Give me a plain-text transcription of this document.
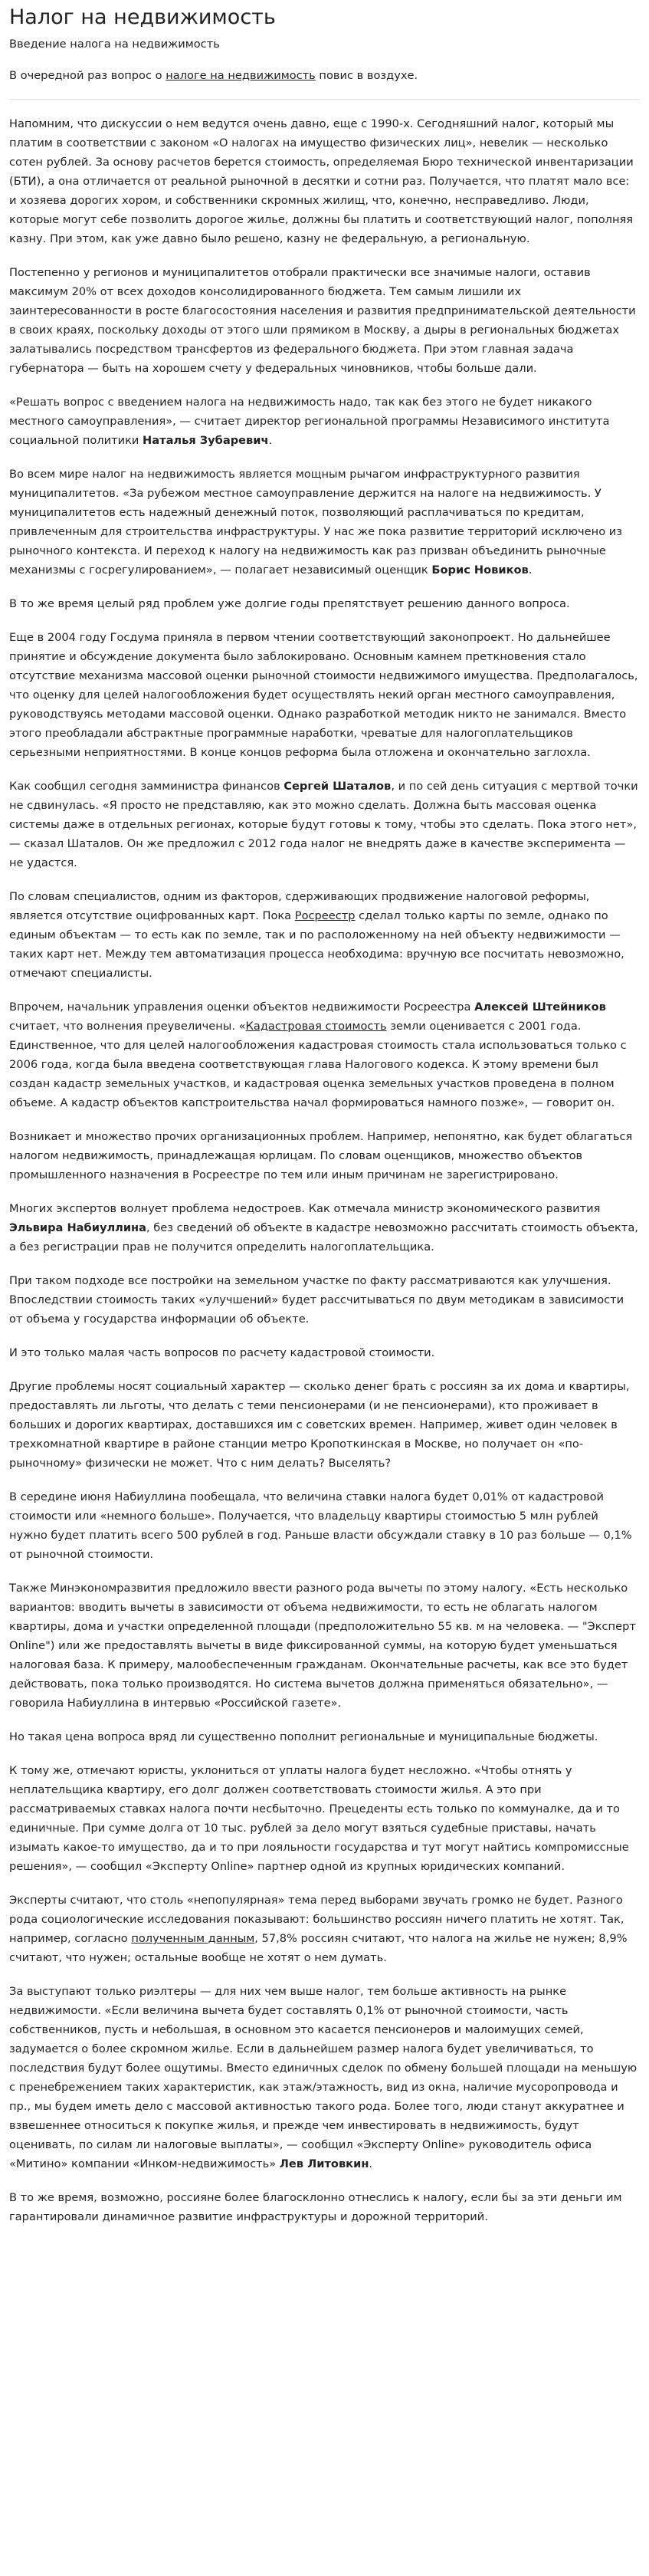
Налог на недвижимость
Введение налога на недвижимость

В очередной раз вопрос о налоге на недвижимость повис в воздухе.

Напомним, что дискуссии о нем ведутся очень давно, еще с 1990-х. Сегодняшний налог, который мы платим в соответствии с законом «О налогах на имущество физических лиц», невелик — несколько сотен рублей. За основу расчетов берется стоимость, определяемая Бюро технической инвентаризации (БТИ), а она отличается от реальной рыночной в десятки и сотни раз. Получается, что платят мало все: и хозяева дорогих хором, и собственники скромных жилищ, что, конечно, несправедливо. Люди, которые могут себе позволить дорогое жилье, должны бы платить и соответствующий налог, пополняя казну. При этом, как уже давно было решено, казну не федеральную, а региональную.

Постепенно у регионов и муниципалитетов отобрали практически все значимые налоги, оставив максимум 20% от всех доходов консолидированного бюджета. Тем самым лишили их заинтересованности в росте благосостояния населения и развития предпринимательской деятельности в своих краях, поскольку доходы от этого шли прямиком в Москву, а дыры в региональных бюджетах залатывались посредством трансфертов из федерального бюджета. При этом главная задача губернатора — быть на хорошем счету у федеральных чиновников, чтобы больше дали.

«Решать вопрос с введением налога на недвижимость надо, так как без этого не будет никакого местного самоуправления», — считает директор региональной программы Независимого института социальной политики Наталья Зубаревич.

Во всем мире налог на недвижимость является мощным рычагом инфраструктурного развития муниципалитетов. «За рубежом местное самоуправление держится на налоге на недвижимость. У муниципалитетов есть надежный денежный поток, позволяющий расплачиваться по кредитам, привлеченным для строительства инфраструктуры. У нас же пока развитие территорий исключено из рыночного контекста. И переход к налогу на недвижимость как раз призван объединить рыночные механизмы с госрегулированием», — полагает независимый оценщик Борис Новиков.

В то же время целый ряд проблем уже долгие годы препятствует решению данного вопроса.

Еще в 2004 году Госдума приняла в первом чтении соответствующий законопроект. Но дальнейшее принятие и обсуждение документа было заблокировано. Основным камнем преткновения стало отсутствие механизма массовой оценки рыночной стоимости недвижимого имущества. Предполагалось, что оценку для целей налогообложения будет осуществлять некий орган местного самоуправления, руководствуясь методами массовой оценки. Однако разработкой методик никто не занимался. Вместо этого преобладали абстрактные программные наработки, чреватые для налогоплательщиков серьезными неприятностями. В конце концов реформа была отложена и окончательно заглохла.

Как сообщил сегодня замминистра финансов Сергей Шаталов, и по сей день ситуация с мертвой точки не сдвинулась. «Я просто не представляю, как это можно сделать. Должна быть массовая оценка системы даже в отдельных регионах, которые будут готовы к тому, чтобы это сделать. Пока этого нет», — сказал Шаталов. Он же предложил с 2012 года налог не внедрять даже в качестве эксперимента — не удастся.

По словам специалистов, одним из факторов, сдерживающих продвижение налоговой реформы, является отсутствие оцифрованных карт. Пока Росреестр сделал только карты по земле, однако по единым объектам — то есть как по земле, так и по расположенному на ней объекту недвижимости — таких карт нет. Между тем автоматизация процесса необходима: вручную все посчитать невозможно, отмечают специалисты.

Впрочем, начальник управления оценки объектов недвижимости Росреестра Алексей Штейников считает, что волнения преувеличены. «Кадастровая стоимость земли оценивается с 2001 года. Единственное, что для целей налогообложения кадастровая стоимость стала использоваться только с 2006 года, когда была введена соответствующая глава Налогового кодекса. К этому времени был создан кадастр земельных участков, и кадастровая оценка земельных участков проведена в полном объеме. А кадастр объектов капстроительства начал формироваться намного позже», — говорит он.

Возникает и множество прочих организационных проблем. Например, непонятно, как будет облагаться налогом недвижимость, принадлежащая юрлицам. По словам оценщиков, множество объектов промышленного назначения в Росреестре по тем или иным причинам не зарегистрировано.

Многих экспертов волнует проблема недостроев. Как отмечала министр экономического развития Эльвира Набиуллина, без сведений об объекте в кадастре невозможно рассчитать стоимость объекта, а без регистрации прав не получится определить налогоплательщика.

При таком подходе все постройки на земельном участке по факту рассматриваются как улучшения. Впоследствии стоимость таких «улучшений» будет рассчитываться по двум методикам в зависимости от объема у государства информации об объекте.

И это только малая часть вопросов по расчету кадастровой стоимости.

Другие проблемы носят социальный характер — сколько денег брать с россиян за их дома и квартиры, предоставлять ли льготы, что делать с теми пенсионерами (и не пенсионерами), кто проживает в больших и дорогих квартирах, доставшихся им с советских времен. Например, живет один человек в трехкомнатной квартире в районе станции метро Кропоткинская в Москве, но получает он «по-рыночному» физически не может. Что с ним делать? Выселять?

В середине июня Набиуллина пообещала, что величина ставки налога будет 0,01% от кадастровой стоимости или «немного больше». Получается, что владельцу квартиры стоимостью 5 млн рублей нужно будет платить всего 500 рублей в год. Раньше власти обсуждали ставку в 10 раз больше — 0,1% от рыночной стоимости.

Также Минэкономразвития предложило ввести разного рода вычеты по этому налогу. «Есть несколько вариантов: вводить вычеты в зависимости от объема недвижимости, то есть не облагать налогом квартиры, дома и участки определенной площади (предположительно 55 кв. м на человека. — "Эксперт Online") или же предоставлять вычеты в виде фиксированной суммы, на которую будет уменьшаться налоговая база. К примеру, малообеспеченным гражданам. Окончательные расчеты, как все это будет действовать, пока только производятся. Но система вычетов должна применяться обязательно», — говорила Набиуллина в интервью «Российской газете».

Но такая цена вопроса вряд ли существенно пополнит региональные и муниципальные бюджеты.

К тому же, отмечают юристы, уклониться от уплаты налога будет несложно. «Чтобы отнять у неплательщика квартиру, его долг должен соответствовать стоимости жилья. А это при рассматриваемых ставках налога почти несбыточно. Прецеденты есть только по коммуналке, да и то единичные. При сумме долга от 10 тыс. рублей за дело могут взяться судебные приставы, начать изымать какое-то имущество, да и то при лояльности государства и тут могут найтись компромиссные решения», — сообщил «Эксперту Online» партнер одной из крупных юридических компаний.

Эксперты считают, что столь «непопулярная» тема перед выборами звучать громко не будет. Разного рода социологические исследования показывают: большинство россиян ничего платить не хотят. Так, например, согласно полученным данным, 57,8% россиян считают, что налога на жилье не нужен; 8,9% считают, что нужен; остальные вообще не хотят о нем думать.

За выступают только риэлтеры — для них чем выше налог, тем больше активность на рынке недвижимости. «Если величина вычета будет составлять 0,1% от рыночной стоимости, часть собственников, пусть и небольшая, в основном это касается пенсионеров и малоимущих семей, задумается о более скромном жилье. Если в дальнейшем размер налога будет увеличиваться, то последствия будут более ощутимы. Вместо единичных сделок по обмену большей площади на меньшую с пренебрежением таких характеристик, как этаж/этажность, вид из окна, наличие мусоропровода и пр., мы будем иметь дело с массовой активностью такого рода. Более того, люди станут аккуратнее и взвешеннее относиться к покупке жилья, и прежде чем инвестировать в недвижимость, будут оценивать, по силам ли налоговые выплаты», — сообщил «Эксперту Online» руководитель офиса «Митино» компании «Инком-недвижимость» Лев Литовкин.

В то же время, возможно, россияне более благосклонно отнеслись к налогу, если бы за эти деньги им гарантировали динамичное развитие инфраструктуры и дорожной территорий.
